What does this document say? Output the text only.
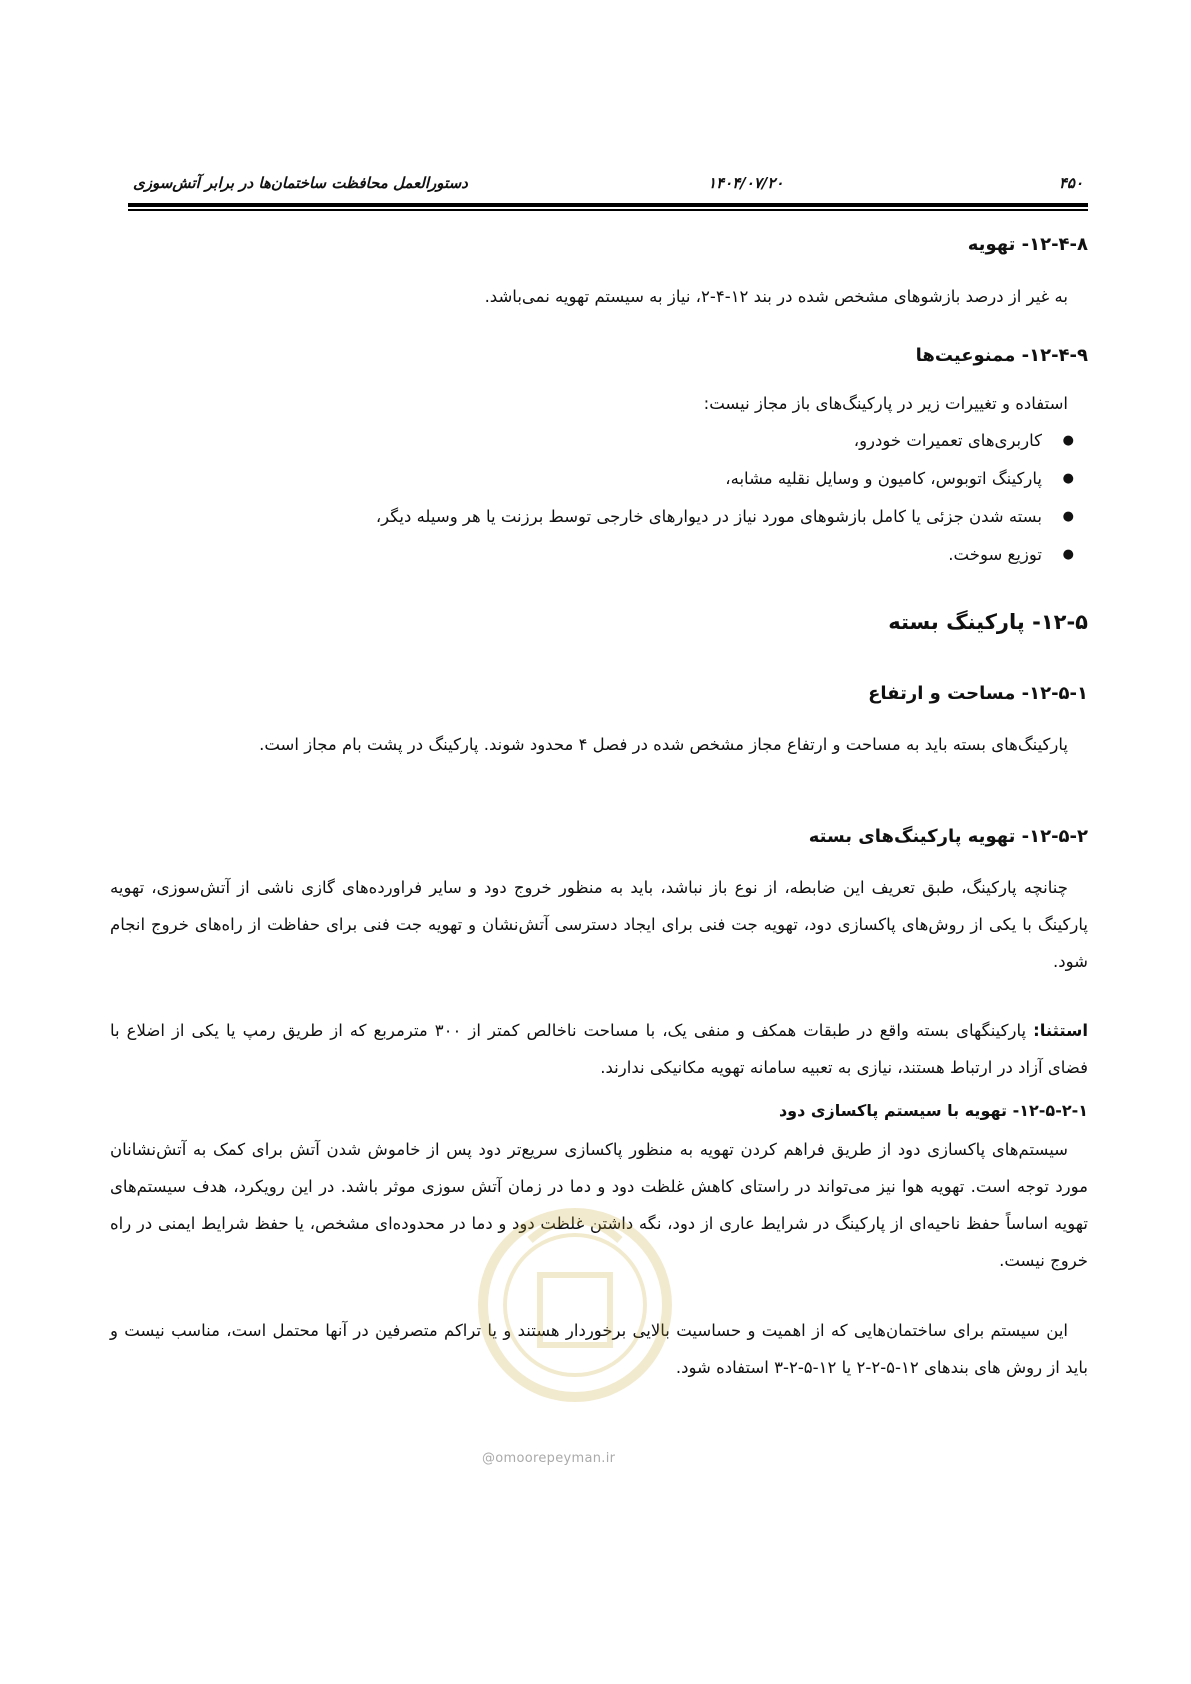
دستورالعمل محافظت ساختمان‌ها در برابر آتش‌سوزی	۱۴۰۴/۰۷/۲۰	۴۵۰
۱۲-۴-۸- تهویه
به غیر از درصد بازشوهای مشخص شده در بند ۱۲-۴-۲، نیاز به سیستم تهویه نمی‌باشد.
۱۲-۴-۹- ممنوعیت‌ها
استفاده و تغییرات زیر در پارکینگ‌های باز مجاز نیست:
● کاربری‌های تعمیرات خودرو،
● پارکینگ اتوبوس، کامیون و وسایل نقلیه مشابه،
● بسته شدن جزئی یا کامل بازشوهای مورد نیاز در دیوارهای خارجی توسط برزنت یا هر وسیله دیگر،
● توزیع سوخت.
۱۲-۵- پارکینگ بسته
۱۲-۵-۱- مساحت و ارتفاع
پارکینگ‌های بسته باید به مساحت و ارتفاع مجاز مشخص شده در فصل ۴ محدود شوند. پارکینگ در پشت بام مجاز است.
۱۲-۵-۲- تهویه پارکینگ‌های بسته
چنانچه پارکینگ، طبق تعریف این ضابطه، از نوع باز نباشد، باید به منظور خروج دود و سایر فراورده‌های گازی ناشی از آتش‌سوزی، تهویه پارکینگ با یکی از روش‌های پاکسازی دود، تهویه جت فنی برای ایجاد دسترسی آتش‌نشان و تهویه جت فنی برای حفاظت از راه‌های خروج انجام شود.
استثنا: پارکینگهای بسته واقع در طبقات همکف و منفی یک، با مساحت ناخالص کمتر از ۳۰۰ مترمربع که از طریق رمپ یا یکی از اضلاع با فضای آزاد در ارتباط هستند، نیازی به تعبیه سامانه تهویه مکانیکی ندارند.
۱۲-۵-۲-۱- تهویه با سیستم پاکسازی دود
سیستم‌های پاکسازی دود از طریق فراهم کردن تهویه به منظور پاکسازی سریع‌تر دود پس از خاموش شدن آتش برای کمک به آتش‌نشانان مورد توجه است. تهویه هوا نیز می‌تواند در راستای کاهش غلظت دود و دما در زمان آتش سوزی موثر باشد. در این رویکرد، هدف سیستم‌های تهویه اساساً حفظ ناحیه‌ای از پارکینگ در شرایط عاری از دود، نگه داشتن غلظت دود و دما در محدوده‌ای مشخص، یا حفظ شرایط ایمنی در راه خروج نیست.
این سیستم برای ساختمان‌هایی که از اهمیت و حساسیت بالایی برخوردار هستند و یا تراکم متصرفین در آنها محتمل است، مناسب نیست و باید از روش های بندهای ۱۲-۵-۲-۲ یا ۱۲-۵-۲-۳ استفاده شود.
@omoorepeyman.ir
